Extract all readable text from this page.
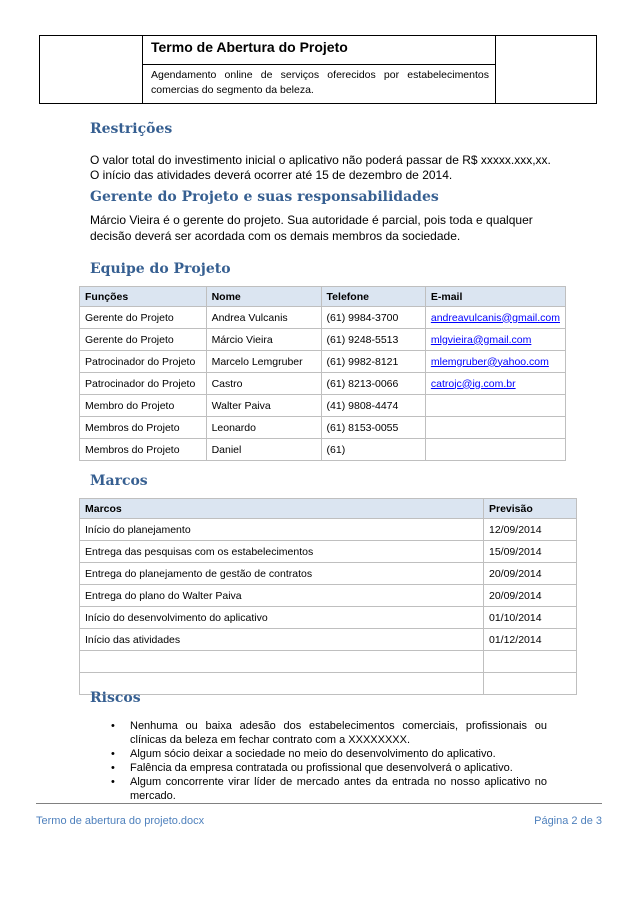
Termo de Abertura do Projeto
Agendamento online de serviços oferecidos por estabelecimentos comercias do segmento da beleza.
Restrições
O valor total do investimento inicial o aplicativo não poderá passar de R$ xxxxx.xxx,xx.
O início das atividades deverá ocorrer até 15 de dezembro de 2014.
Gerente do Projeto e suas responsabilidades
Márcio Vieira é o gerente do projeto. Sua autoridade é parcial, pois toda e qualquer decisão deverá ser acordada com os demais membros da sociedade.
Equipe do Projeto
Funções	Nome	Telefone	E-mail
Gerente do Projeto	Andrea Vulcanis	(61) 9984-3700	andreavulcanis@gmail.com
Gerente do Projeto	Márcio Vieira	(61) 9248-5513	mlgvieira@gmail.com
Patrocinador do Projeto	Marcelo Lemgruber	(61) 9982-8121	mlemgruber@yahoo.com
Patrocinador do Projeto	Castro	(61) 8213-0066	catrojc@ig.com.br
Membro do Projeto	Walter Paiva	(41) 9808-4474	
Membros do Projeto	Leonardo	(61) 8153-0055	
Membros do Projeto	Daniel	(61)	
Marcos
Marcos	Previsão
Início do planejamento	12/09/2014
Entrega das pesquisas com os estabelecimentos	15/09/2014
Entrega do planejamento de gestão de contratos	20/09/2014
Entrega do plano do Walter Paiva	20/09/2014
Início do desenvolvimento do aplicativo	01/10/2014
Início das atividades	01/12/2014

Riscos
• Nenhuma ou baixa adesão dos estabelecimentos comerciais, profissionais ou clínicas da beleza em fechar contrato com a XXXXXXXX.
• Algum sócio deixar a sociedade no meio do desenvolvimento do aplicativo.
• Falência da empresa contratada ou profissional que desenvolverá o aplicativo.
• Algum concorrente virar líder de mercado antes da entrada no nosso aplicativo no mercado.
Termo de abertura do projeto.docx	Página 2 de 3
